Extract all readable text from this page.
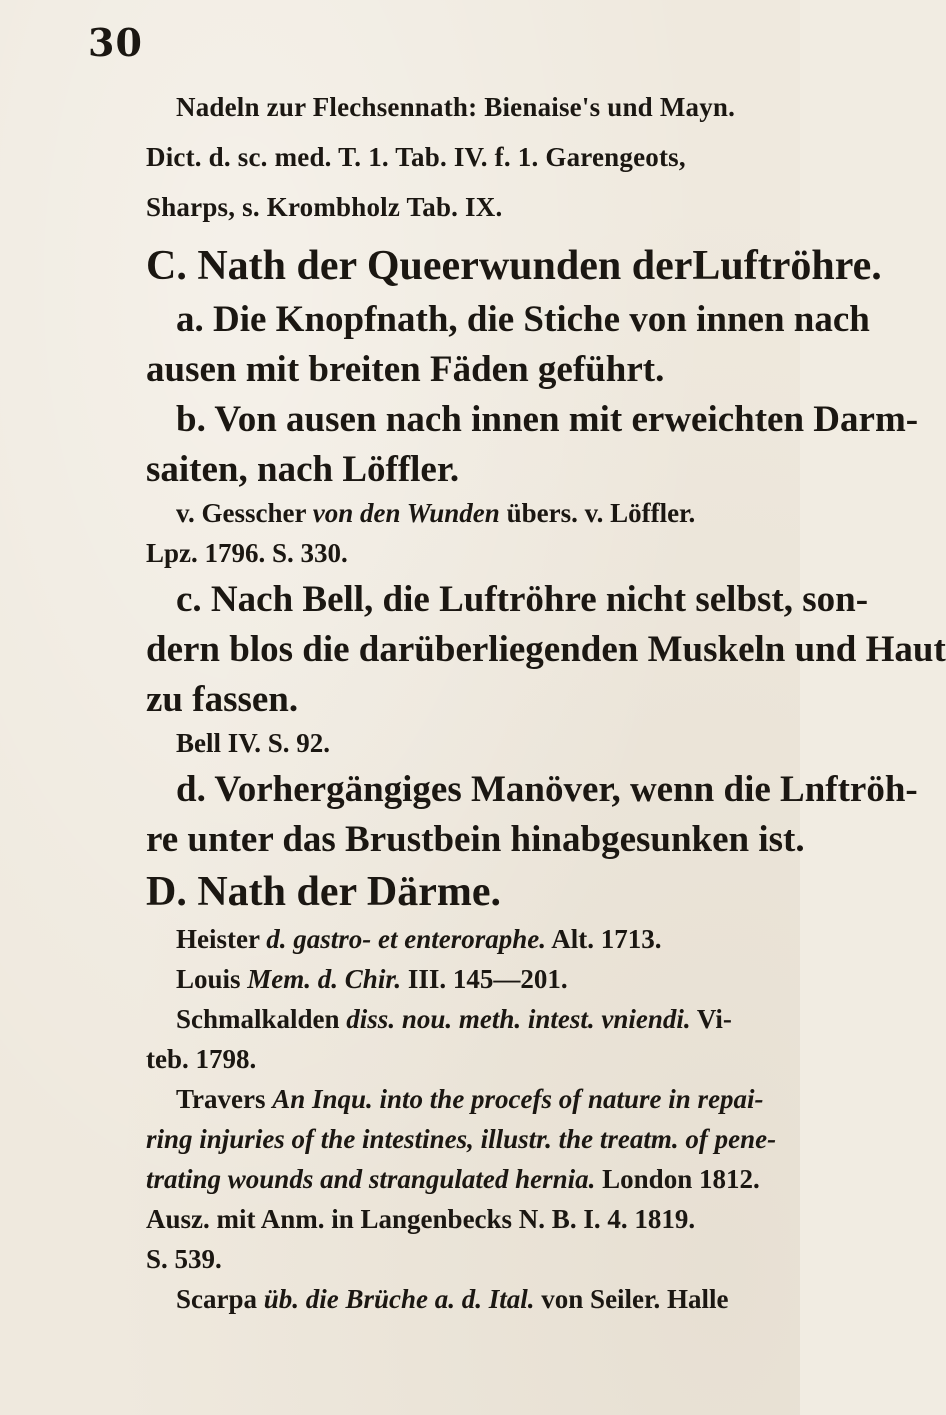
30
Nadeln zur Flechsennath: Bienaise's und Mayn.
Dict. d. sc. med. T. 1. Tab. IV. f. 1. Garengeots,
Sharps, s. Krombholz Tab. IX.
C. Nath der Queerwunden derLuftröhre.
a. Die Knopfnath, die Stiche von innen nach
ausen mit breiten Fäden geführt.
b. Von ausen nach innen mit erweichten Darm-
saiten, nach Löffler.
v. Gesscher von den Wunden übers. v. Löffler.
Lpz. 1796. S. 330.
c. Nach Bell, die Luftröhre nicht selbst, son-
dern blos die darüberliegenden Muskeln und Haut
zu fassen.
Bell IV. S. 92.
d. Vorhergängiges Manöver, wenn die Lnftröh-
re unter das Brustbein hinabgesunken ist.
D. Nath der Därme.
Heister d. gastro- et enteroraphe. Alt. 1713.
Louis Mem. d. Chir. III. 145—201.
Schmalkalden diss. nou. meth. intest. vniendi. Vi-
teb. 1798.
Travers An Inqu. into the procefs of nature in repai-
ring injuries of the intestines, illustr. the treatm. of pene-
trating wounds and strangulated hernia. London 1812.
Ausz. mit Anm. in Langenbecks N. B. I. 4. 1819.
S. 539.
Scarpa üb. die Brüche a. d. Ital. von Seiler. Halle
